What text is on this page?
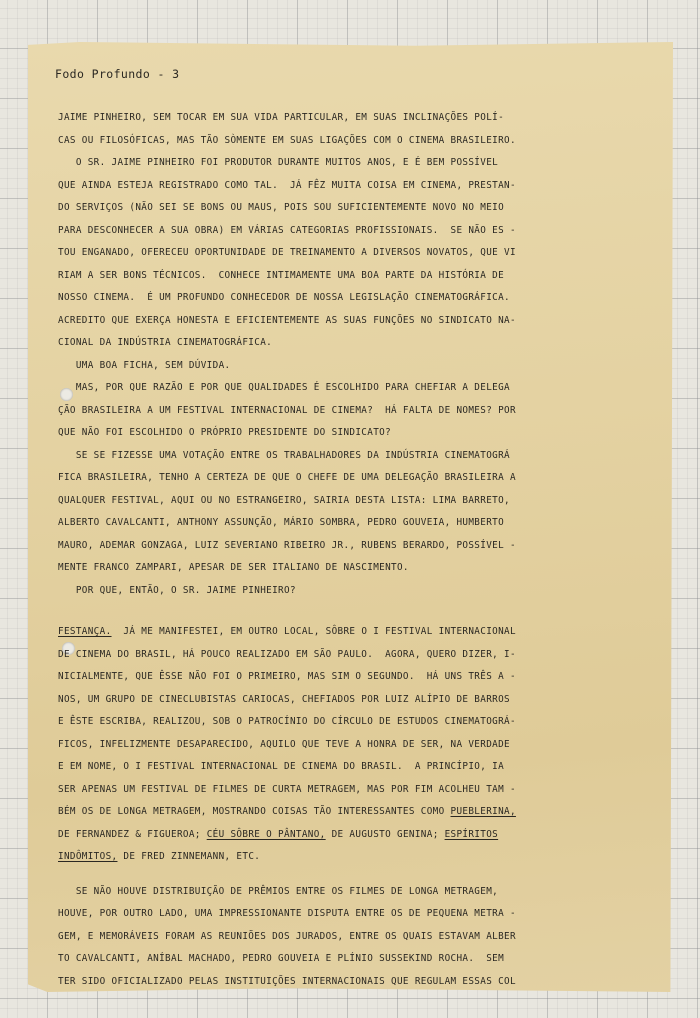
Fodo Profundo - 3
JAIME PINHEIRO, SEM TOCAR EM SUA VIDA PARTICULAR, EM SUAS INCLINAÇÕES POLÍ-
CAS OU FILOSÓFICAS, MAS TÃO SÒMENTE EM SUAS LIGAÇÕES COM O CINEMA BRASILEIRO.
O SR. JAIME PINHEIRO FOI PRODUTOR DURANTE MUITOS ANOS, E É BEM POSSÍVEL
QUE AINDA ESTEJA REGISTRADO COMO TAL.  JÁ FÊZ MUITA COISA EM CINEMA, PRESTAN-
DO SERVIÇOS (NÃO SEI SE BONS OU MAUS, POIS SOU SUFICIENTEMENTE NOVO NO MEIO
PARA DESCONHECER A SUA OBRA) EM VÁRIAS CATEGORIAS PROFISSIONAIS.  SE NÃO ES -
TOU ENGANADO, OFERECEU OPORTUNIDADE DE TREINAMENTO A DIVERSOS NOVATOS, QUE VI
RIAM A SER BONS TÉCNICOS.  CONHECE INTIMAMENTE UMA BOA PARTE DA HISTÓRIA DE
NOSSO CINEMA.  É UM PROFUNDO CONHECEDOR DE NOSSA LEGISLAÇÃO CINEMATOGRÁFICA.
ACREDITO QUE EXERÇA HONESTA E EFICIENTEMENTE AS SUAS FUNÇÕES NO SINDICATO NA-
CIONAL DA INDÚSTRIA CINEMATOGRÁFICA.
UMA BOA FICHA, SEM DÚVIDA.
MAS, POR QUE RAZÃO E POR QUE QUALIDADES É ESCOLHIDO PARA CHEFIAR A DELEGA
ÇÃO BRASILEIRA A UM FESTIVAL INTERNACIONAL DE CINEMA?  HÁ FALTA DE NOMES? POR
QUE NÃO FOI ESCOLHIDO O PRÓPRIO PRESIDENTE DO SINDICATO?
SE SE FIZESSE UMA VOTAÇÃO ENTRE OS TRABALHADORES DA INDÚSTRIA CINEMATOGRÁ
FICA BRASILEIRA, TENHO A CERTEZA DE QUE O CHEFE DE UMA DELEGAÇÃO BRASILEIRA A
QUALQUER FESTIVAL, AQUI OU NO ESTRANGEIRO, SAIRIA DESTA LISTA: LIMA BARRETO,
ALBERTO CAVALCANTI, ANTHONY ASSUNÇÃO, MÁRIO SOMBRA, PEDRO GOUVEIA, HUMBERTO
MAURO, ADEMAR GONZAGA, LUIZ SEVERIANO RIBEIRO JR., RUBENS BERARDO, POSSÍVEL -
MENTE FRANCO ZAMPARI, APESAR DE SER ITALIANO DE NASCIMENTO.
POR QUE, ENTÃO, O SR. JAIME PINHEIRO?
FESTANÇA.  JÁ ME MANIFESTEI, EM OUTRO LOCAL, SÔBRE O I FESTIVAL INTERNACIONAL
DE CINEMA DO BRASIL, HÁ POUCO REALIZADO EM SÃO PAULO.  AGORA, QUERO DIZER, I-
NICIALMENTE, QUE ÊSSE NÃO FOI O PRIMEIRO, MAS SIM O SEGUNDO.  HÁ UNS TRÊS A -
NOS, UM GRUPO DE CINECLUBISTAS CARIOCAS, CHEFIADOS POR LUIZ ALÍPIO DE BARROS
E ÊSTE ESCRIBA, REALIZOU, SOB O PATROCÍNIO DO CÍRCULO DE ESTUDOS CINEMATOGRÁ-
FICOS, INFELIZMENTE DESAPARECIDO, AQUILO QUE TEVE A HONRA DE SER, NA VERDADE
E EM NOME, O I FESTIVAL INTERNACIONAL DE CINEMA DO BRASIL.  A PRINCÍPIO, IA
SER APENAS UM FESTIVAL DE FILMES DE CURTA METRAGEM, MAS POR FIM ACOLHEU TAM -
BÉM OS DE LONGA METRAGEM, MOSTRANDO COISAS TÃO INTERESSANTES COMO PUEBLERINA,
DE FERNANDEZ & FIGUEROA; CÉU SÔBRE O PÂNTANO, DE AUGUSTO GENINA; ESPÍRITOS
INDÔMITOS, DE FRED ZINNEMANN, ETC.
SE NÃO HOUVE DISTRIBUIÇÃO DE PRÊMIOS ENTRE OS FILMES DE LONGA METRAGEM,
HOUVE, POR OUTRO LADO, UMA IMPRESSIONANTE DISPUTA ENTRE OS DE PEQUENA METRA -
GEM, E MEMORÁVEIS FORAM AS REUNIÕES DOS JURADOS, ENTRE OS QUAIS ESTAVAM ALBER
TO CAVALCANTI, ANÍBAL MACHADO, PEDRO GOUVEIA E PLÍNIO SUSSEKIND ROCHA.  SEM
TER SIDO OFICIALIZADO PELAS INSTITUIÇÕES INTERNACIONAIS QUE REGULAM ESSAS COL
